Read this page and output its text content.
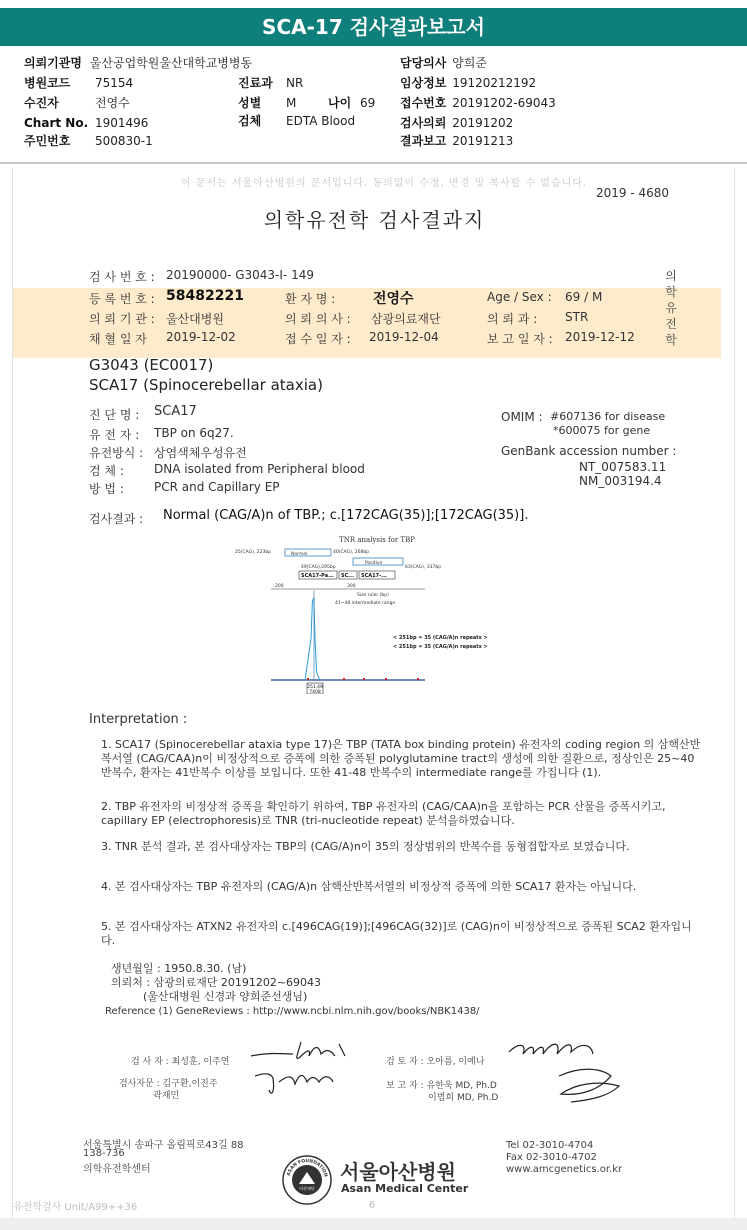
SCA-17 검사결과보고서
의뢰기관명 울산공업학원울산대학교병병동
병원코드 75154
수진자	전영수
Chart No. 1901496
주민번호 500830-1
진료과 NR
성별 M	나이 69
검체 EDTA Blood
담당의사 양희준
임상정보 19120212192
접수번호 20191202-69043
검사의뢰 20191202
결과보고 20191213
이 문서는 서울아산병원의 문서입니다. 동의없이 수정, 변경 및 복사할 수 없습니다.
2019 - 4680
의학유전학 검사결과지
의학유전학
검 사 번 호 : 20190000- G3043-I- 149
등 록 번 호 : 58482221	환 자 명 :	전영수	Age / Sex : 69 / M
의 뢰 기 관 : 울산대병원	의 뢰 의 사 : 삼광의료재단	의 뢰 과 : STR
채 혈 일 자 2019-12-02	접 수 일 자 : 2019-12-04	보 고 일 자 : 2019-12-12
G3043 (EC0017)
SCA17 (Spinocerebellar ataxia)
진 단 명 : SCA17
유 전 자 : TBP on 6q27.
유전방식 : 상염색체우성유전
검 체 :	DNA isolated from Peripheral blood
방 법 :	PCR and Capillary EP
OMIM : #607136 for disease
*600075 for gene
GenBank accession number :
NT_007583.11
NM_003194.4
검사결과 : Normal (CAG/A)n of TBP.; c.[172CAG(35)];[172CAG(35)].
TNR analysis for TBP
25(CAG), 223bp	40(CAG), 268bp
Normal
Positive
49(CAG),295bp	63(CAG), 337bp
SCA17-Pa... SC... SCA17-...
200	300
Size ruler (bp)
41~48 intermediate range
< 251bp = 35 (CAG/A)n repeats >
< 251bp = 35 (CAG/A)n repeats >
251.49
7408
Interpretation :
1. SCA17 (Spinocerebellar ataxia type 17)은 TBP (TATA box binding protein) 유전자의 coding region 의 삼핵산반복서열 (CAG/CAA)n이 비정상적으로 증폭에 의한 증폭된 polyglutamine tract의 생성에 의한 질환으로, 정상인은 25~40반복수, 환자는 41반복수 이상를 보입니다. 또한 41-48 반복수의 intermediate range를 가집니다 (1).
2. TBP 유전자의 비정상적 증폭을 확인하기 위하여, TBP 유전자의 (CAG/CAA)n을 포함하는 PCR 산물을 증폭시키고, capillary EP (electrophoresis)로 TNR (tri-nucleotide repeat) 분석을하였습니다.
3. TNR 분석 결과, 본 검사대상자는 TBP의 (CAG/A)n이 35의 정상범위의 반복수를 동형접합자로 보였습니다.
4. 본 검사대상자는 TBP 유전자의 (CAG/A)n 삼핵산반복서열의 비정상적 증폭에 의한 SCA17 환자는 아닙니다.
5. 본 검사대상자는 ATXN2 유전자의 c.[496CAG(19)];[496CAG(32)]로 (CAG)n이 비정상적으로 증폭된 SCA2 환자입니다.
생년월일 : 1950.8.30. (남)
의뢰처 : 삼광의료재단 20191202~69043
(울산대병원 신경과 양희준선생님)
Reference (1) GeneReviews : http://www.ncbi.nlm.nih.gov/books/NBK1438/
검 사 자 : 최성훈, 이주연
검사자문 : 김구환,이진주
곽재민
검 토 자 : 오아름, 이예나
보 고 자 : 유한욱 MD, Ph.D
이범희 MD, Ph.D
서울특별시 송파구 올림픽로43길 88
138-736
의학유전학센터	ASAN FOUNDATION
아산재단
서울아산병원
Asan Medical Center
Tel 02-3010-4704
Fax 02-3010-4702
www.amcgenetics.or.kr
유전학검사 Unit/A99++36	6
